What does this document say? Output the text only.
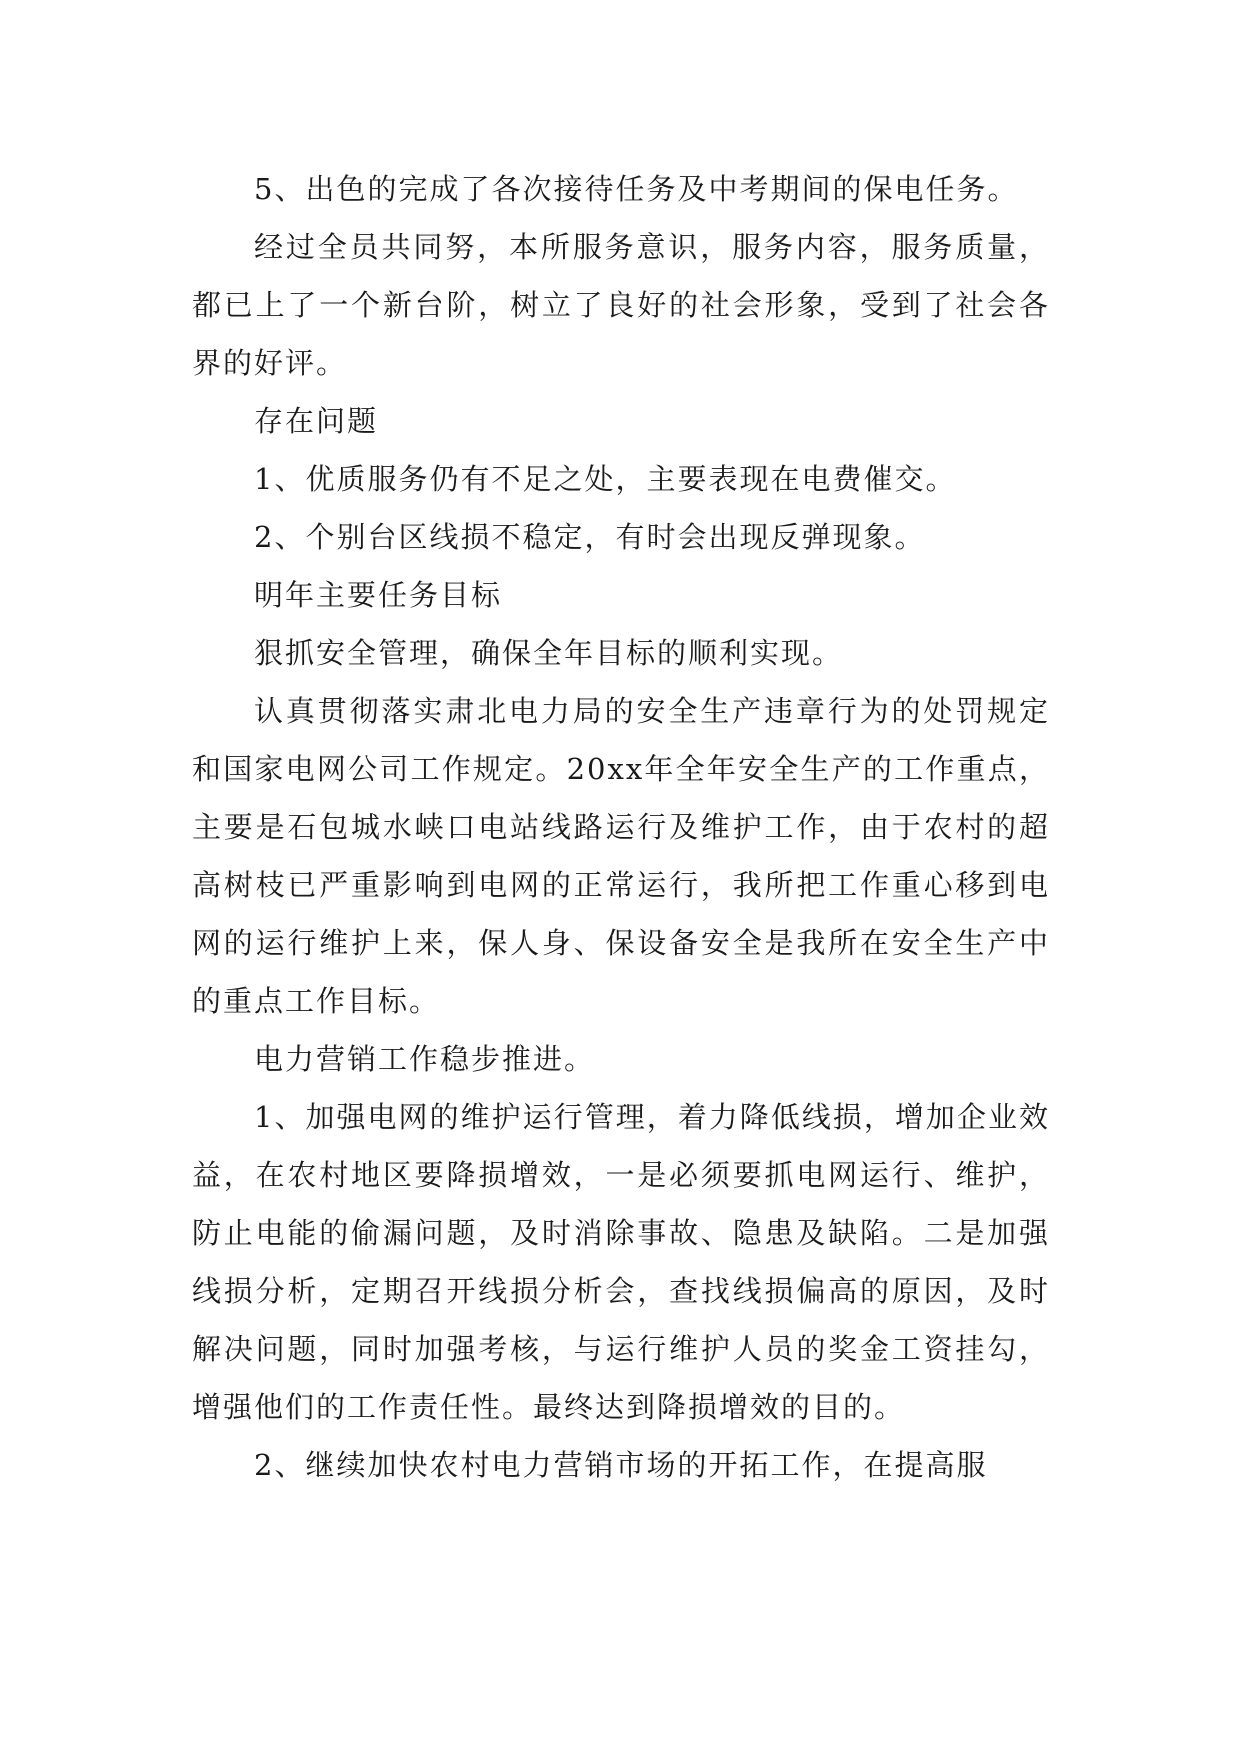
5、出色的完成了各次接待任务及中考期间的保电任务。

经过全员共同努，本所服务意识，服务内容，服务质量，都已上了一个新台阶，树立了良好的社会形象，受到了社会各界的好评。

存在问题

1、优质服务仍有不足之处，主要表现在电费催交。

2、个别台区线损不稳定，有时会出现反弹现象。

明年主要任务目标

狠抓安全管理，确保全年目标的顺利实现。

认真贯彻落实肃北电力局的安全生产违章行为的处罚规定和国家电网公司工作规定。20xx年全年安全生产的工作重点，主要是石包城水峡口电站线路运行及维护工作，由于农村的超高树枝已严重影响到电网的正常运行，我所把工作重心移到电网的运行维护上来，保人身、保设备安全是我所在安全生产中的重点工作目标。

电力营销工作稳步推进。

1、加强电网的维护运行管理，着力降低线损，增加企业效益，在农村地区要降损增效，一是必须要抓电网运行、维护，防止电能的偷漏问题，及时消除事故、隐患及缺陷。二是加强线损分析，定期召开线损分析会，查找线损偏高的原因，及时解决问题，同时加强考核，与运行维护人员的奖金工资挂勾，增强他们的工作责任性。最终达到降损增效的目的。

2、继续加快农村电力营销市场的开拓工作，在提高服
